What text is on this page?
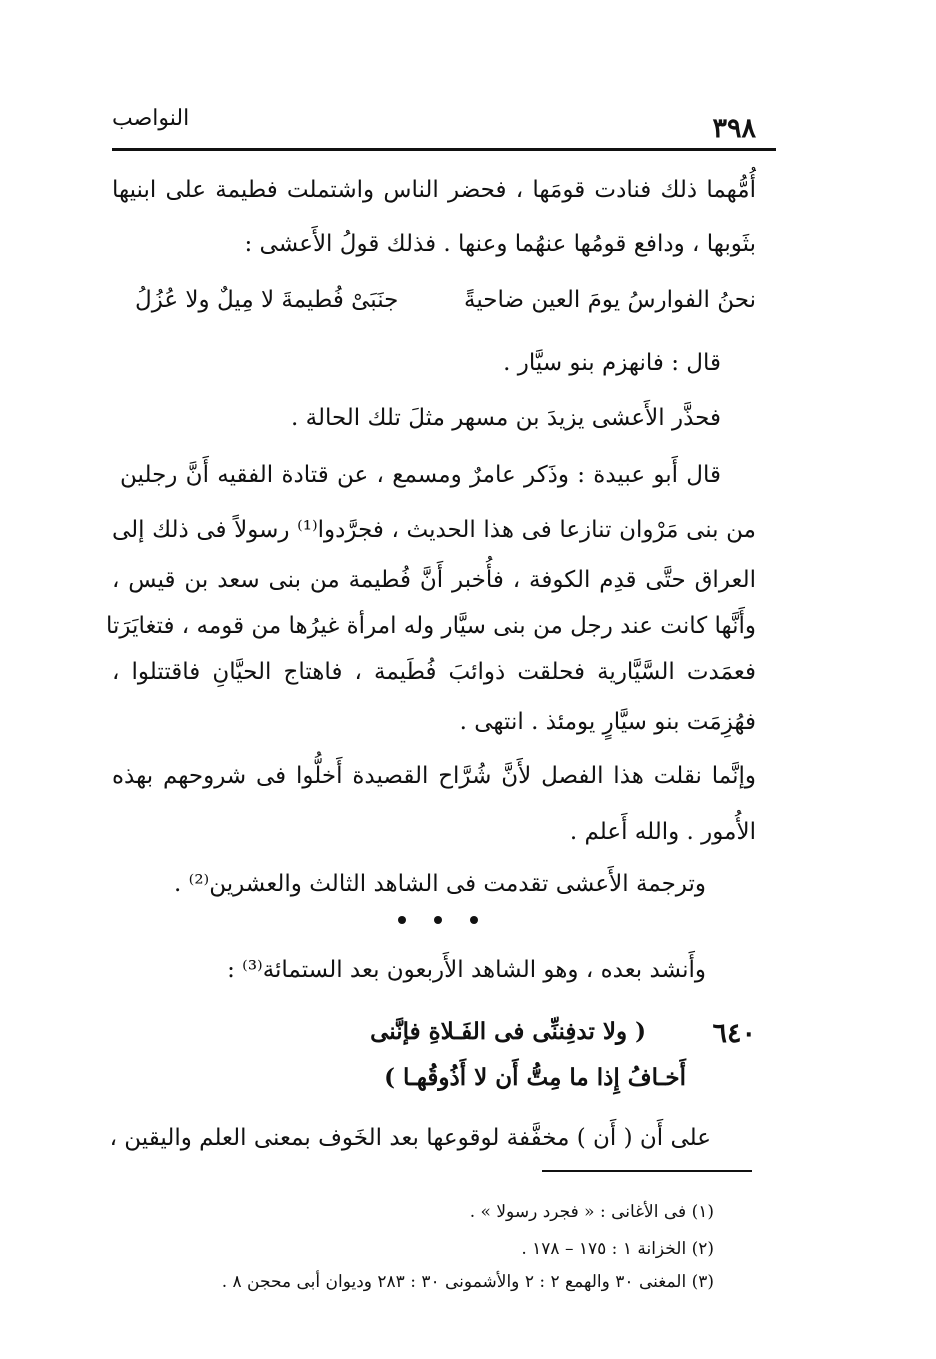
٣٩٨
النواصب
أُمُّهما ذلك فنادت قومَها ، فحضر الناس واشتملت فطيمة على ابنيها
بثَوبها ، ودافع قومُها عنهُما وعنها . فذلك قولُ الأَعشى :
نحنُ الفوارسُ يومَ العين ضاحيةً
جنَبَىْ فُطيمةَ لا مِيلٌ ولا عُزُلُ
قال : فانهزم بنو سيَّار .
فحذَّر الأَعشى يزيدَ بن مسهر مثلَ تلك الحالة .
قال أَبو عبيدة : وذَكر عامرٌ ومسمع ، عن قتادة الفقيه أَنَّ رجلين
من بنى مَرْوان تنازعا فى هذا الحديث ، فجرَّدوا⁽¹⁾ رسولاً فى ذلك إلى
العراق حتَّى قدِم الكوفة ، فأُخبر أَنَّ فُطيمة من بنى سعد بن قيس ،
وأَنَّها كانت عند رجل من بنى سيَّار وله امرأة غيرُها من قومه ، فتغايَرَتا
فعمَدت السَّيَّارية فحلقت ذوائبَ فُطَيمة ، فاهتاج الحيَّانِ فاقتتلوا ،
فهُزِمَت بنو سيَّارٍ يومئذ . انتهى .
وإنَّما نقلت هذا الفصل لأَنَّ شُرَّاح القصيدة أَخلُّوا فى شروحهم بهذه
الأُمور . والله أَعلم .
وترجمة الأَعشى تقدمت فى الشاهد الثالث والعشرين⁽²⁾ .
وأَنشد بعده ، وهو الشاهد الأَربعون بعد الستمائة⁽³⁾ :
٦٤٠
( ولا تدفِننِّى فى الفَـلاةِ فإنَّنى
أَخـافُ إِذا ما مِتُّ أَن لا أَذُوقُهـا )
على أَن ( أَن ) مخفَّفة لوقوعها بعد الخَوف بمعنى العلم واليقين ،
(١) فى الأغانى : « فجرد رسولا » .
(٢) الخزانة ١ : ١٧٥ – ١٧٨ .
(٣) المغنى ٣٠ والهمع ٢ : ٢ والأشمونى ٣٠ : ٢٨٣ وديوان أبى محجن ٨ .
